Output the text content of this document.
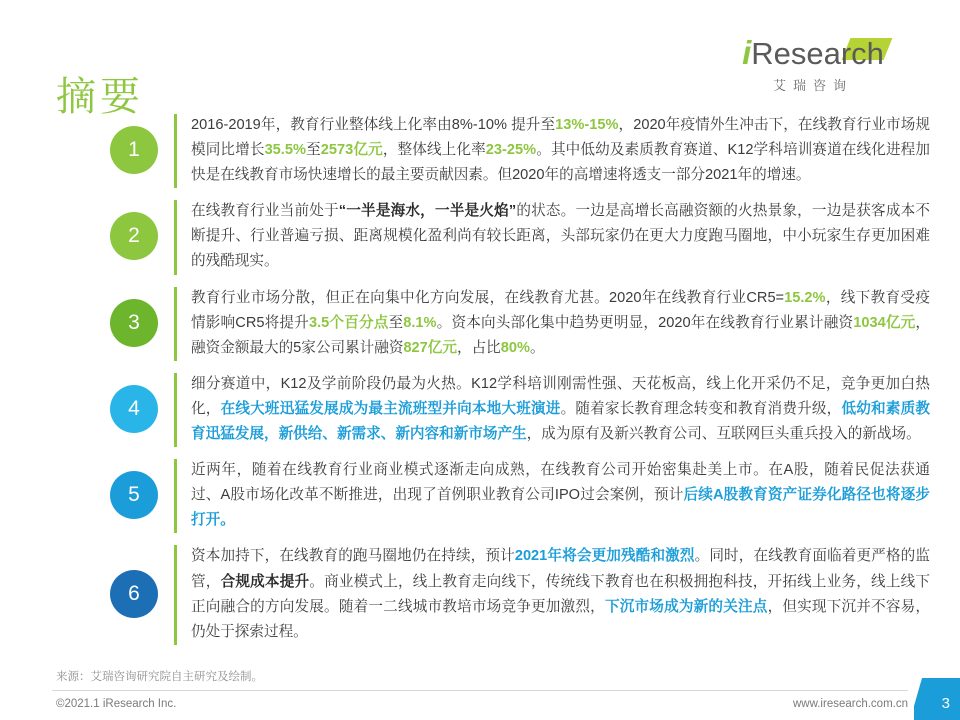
摘要
iResearch
艾瑞咨询
1
2016-2019年，教育行业整体线上化率由8%-10% 提升至13%-15%，2020年疫情外生冲击下，在线教育行业市场规模同比增长35.5%至2573亿元，整体线上化率23-25%。其中低幼及素质教育赛道、K12学科培训赛道在线化进程加快是在线教育市场快速增长的最主要贡献因素。但2020年的高增速将透支一部分2021年的增速。
2
在线教育行业当前处于“一半是海水，一半是火焰”的状态。一边是高增长高融资额的火热景象，一边是获客成本不断提升、行业普遍亏损、距离规模化盈利尚有较长距离，头部玩家仍在更大力度跑马圈地，中小玩家生存更加困难的残酷现实。
3
教育行业市场分散，但正在向集中化方向发展，在线教育尤甚。2020年在线教育行业CR5=15.2%，线下教育受疫情影响CR5将提升3.5个百分点至8.1%。资本向头部化集中趋势更明显，2020年在线教育行业累计融资1034亿元，融资金额最大的5家公司累计融资827亿元，占比80%。
4
细分赛道中，K12及学前阶段仍最为火热。K12学科培训刚需性强、天花板高，线上化开采仍不足，竞争更加白热化，在线大班迅猛发展成为最主流班型并向本地大班演进。随着家长教育理念转变和教育消费升级，低幼和素质教育迅猛发展，新供给、新需求、新内容和新市场产生，成为原有及新兴教育公司、互联网巨头重兵投入的新战场。
5
近两年，随着在线教育行业商业模式逐渐走向成熟，在线教育公司开始密集赴美上市。在A股，随着民促法获通过、A股市场化改革不断推进，出现了首例职业教育公司IPO过会案例，预计后续A股教育资产证券化路径也将逐步打开。
6
资本加持下，在线教育的跑马圈地仍在持续，预计2021年将会更加残酷和激烈。同时，在线教育面临着更严格的监管，合规成本提升。商业模式上，线上教育走向线下，传统线下教育也在积极拥抱科技，开拓线上业务，线上线下正向融合的方向发展。随着一二线城市教培市场竞争更加激烈，下沉市场成为新的关注点，但实现下沉并不容易，仍处于探索过程。
来源：艾瑞咨询研究院自主研究及绘制。
©2021.1 iResearch Inc.	www.iresearch.com.cn 3
